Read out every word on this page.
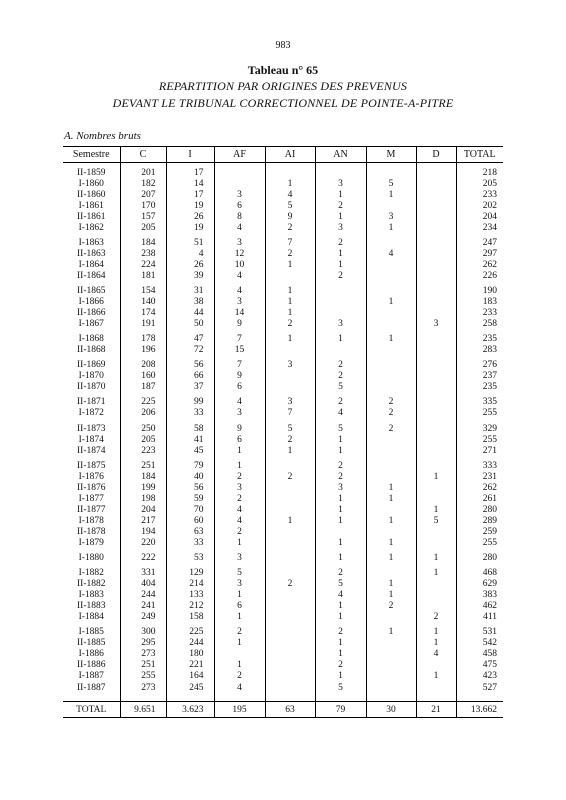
983
Tableau n° 65
REPARTITION PAR ORIGINES DES PREVENUS
DEVANT LE TRIBUNAL CORRECTIONNEL DE POINTE-A-PITRE
A. Nombres bruts
Semestre	C	I	AF	AI	AN	M	D	TOTAL

II-1859	201	17						218
I-1860	182	14		1	3	5		205
II-1860	207	17	3	4	1	1		233
I-1861	170	19	6	5	2			202
II-1861	157	26	8	9	1	3		204
I-1862	205	19	4	2	3	1		234

I-1863	184	51	3	7	2			247
II-1863	238	4	12	2	1	4		297
I-1864	224	26	10	1	1			262
II-1864	181	39	4		2			226

II-1865	154	31	4	1				190
I-1866	140	38	3	1		1		183
II-1866	174	44	14	1				233
I-1867	191	50	9	2	3		3	258

I-1868	178	47	7	1	1	1		235
II-1868	196	72	15					283

II-1869	208	56	7	3	2			276
I-1870	160	66	9		2			237
II-1870	187	37	6		5			235

II-1871	225	99	4	3	2	2		335
I-1872	206	33	3	7	4	2		255

II-1873	250	58	9	5	5	2		329
I-1874	205	41	6	2	1			255
II-1874	223	45	1	1	1			271

II-1875	251	79	1		2			333
I-1876	184	40	2	2	2		1	231
II-1876	199	56	3		3	1		262
I-1877	198	59	2		1	1		261
II-1877	204	70	4		1		1	280
I-1878	217	60	4	1	1	1	5	289
II-1878	194	63	2					259
I-1879	220	33	1		1	1		255

I-1880	222	53	3		1	1	1	280

I-1882	331	129	5		2		1	468
II-1882	404	214	3	2	5	1		629
I-1883	244	133	1		4	1		383
II-1883	241	212	6		1	2		462
I-1884	249	158	1		1		2	411

I-1885	300	225	2		2	1	1	531
II-1885	295	244	1		1		1	542
I-1886	273	180			1		4	458
II-1886	251	221	1		2			475
I-1887	255	164	2		1		1	423
II-1887	273	245	4		5			527

TOTAL	9.651	3.623	195	63	79	30	21	13.662
